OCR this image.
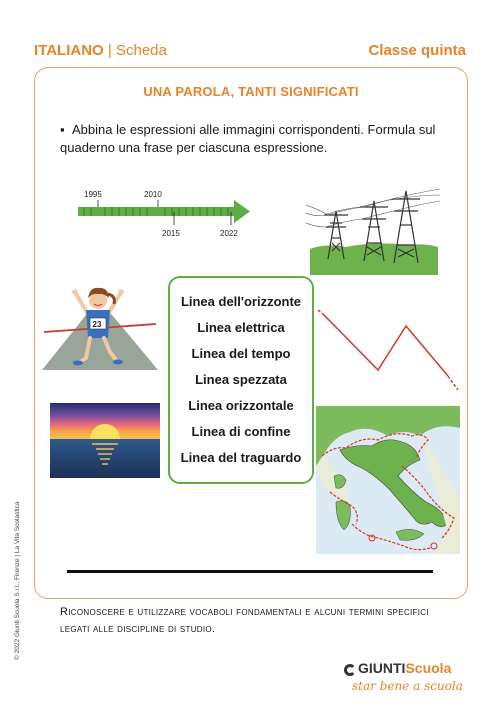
ITALIANO | Scheda	Classe quinta
UNA PAROLA, TANTI SIGNIFICATI
▪ Abbina le espressioni alle immagini corrispondenti. Formula sul quaderno una frase per ciascuna espressione.
1995	2010
2015	2022
23
Linea dell'orizzonte
Linea elettrica
Linea del tempo
Linea spezzata
Linea orizzontale
Linea di confine
Linea del traguardo
Riconoscere e utilizzare vocaboli fondamentali e alcuni termini specifici legati alle discipline di studio.
© 2022 Giunti Scuola S.r.l., Firenze | La Vita Scolastica
GIUNTIScuola
star bene a scuola
